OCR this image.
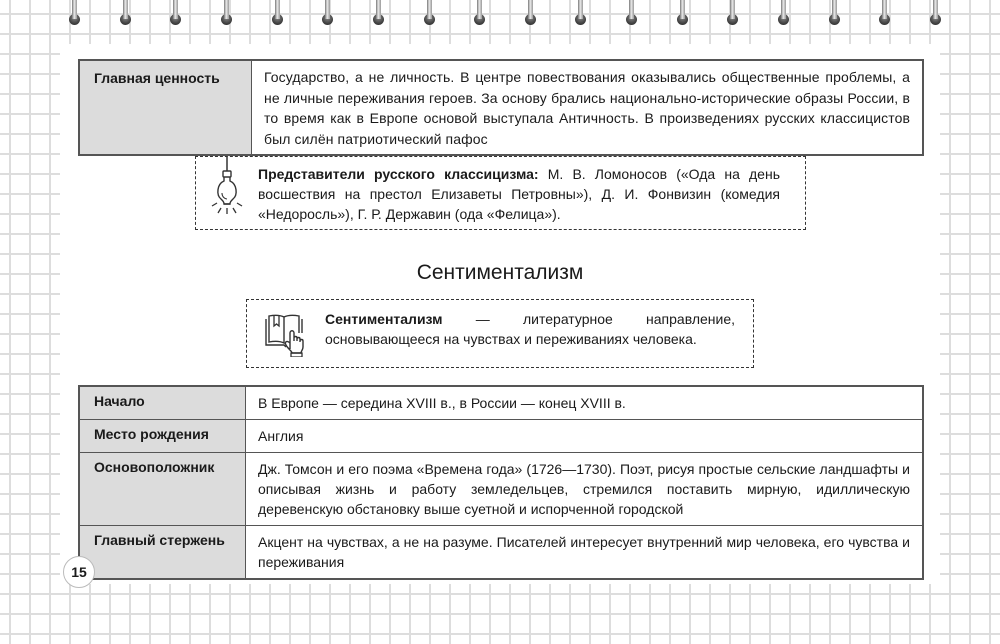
Главная ценность	Государство, а не личность. В центре повествования оказывались общественные проблемы, а не личные переживания героев. За основу брались национально-исторические образы России, в то время как в Европе основой выступала Античность. В произведениях русских классицистов был силён патриотический пафос
Представители русского классицизма: М. В. Ломоносов («Ода на день восшествия на престол Елизаветы Петровны»), Д. И. Фонвизин (комедия «Недоросль»), Г. Р. Державин (ода «Фелица»).
Сентиментализм
Сентиментализм — литературное направление, основывающееся на чувствах и переживаниях человека.
Начало	В Европе — середина XVIII в., в России — конец XVIII в.
Место рождения	Англия
Основоположник	Дж. Томсон и его поэма «Времена года» (1726—1730). Поэт, рисуя простые сельские ландшафты и описывая жизнь и работу земледельцев, стремился поставить мирную, идиллическую деревенскую обстановку выше суетной и испорченной городской
Главный стержень	Акцент на чувствах, а не на разуме. Писателей интересует внутренний мир человека, его чувства и переживания
15
